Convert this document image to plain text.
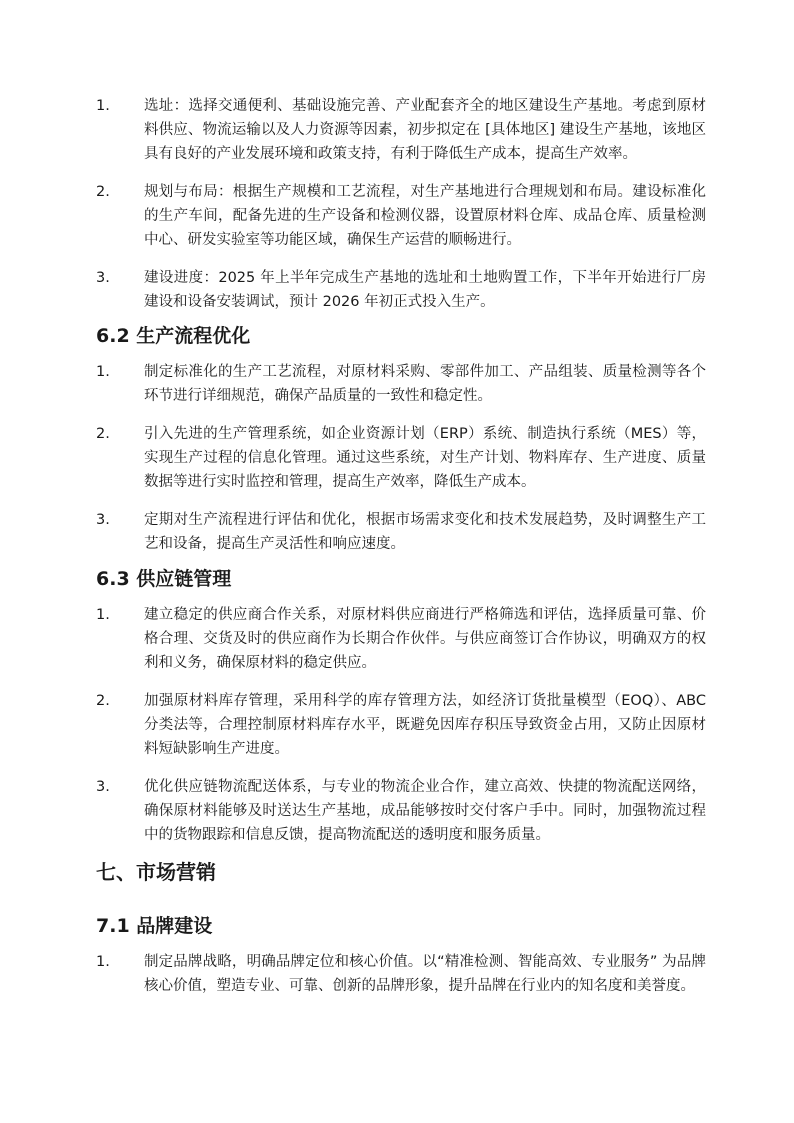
1. 选址：选择交通便利、基础设施完善、产业配套齐全的地区建设生产基地。考虑到原材料供应、物流运输以及人力资源等因素，初步拟定在 [具体地区] 建设生产基地，该地区具有良好的产业发展环境和政策支持，有利于降低生产成本，提高生产效率。
2. 规划与布局：根据生产规模和工艺流程，对生产基地进行合理规划和布局。建设标准化的生产车间，配备先进的生产设备和检测仪器，设置原材料仓库、成品仓库、质量检测中心、研发实验室等功能区域，确保生产运营的顺畅进行。
3. 建设进度：2025 年上半年完成生产基地的选址和土地购置工作，下半年开始进行厂房建设和设备安装调试，预计 2026 年初正式投入生产。
6.2 生产流程优化
1. 制定标准化的生产工艺流程，对原材料采购、零部件加工、产品组装、质量检测等各个环节进行详细规范，确保产品质量的一致性和稳定性。
2. 引入先进的生产管理系统，如企业资源计划（ERP）系统、制造执行系统（MES）等，实现生产过程的信息化管理。通过这些系统，对生产计划、物料库存、生产进度、质量数据等进行实时监控和管理，提高生产效率，降低生产成本。
3. 定期对生产流程进行评估和优化，根据市场需求变化和技术发展趋势，及时调整生产工艺和设备，提高生产灵活性和响应速度。
6.3 供应链管理
1. 建立稳定的供应商合作关系，对原材料供应商进行严格筛选和评估，选择质量可靠、价格合理、交货及时的供应商作为长期合作伙伴。与供应商签订合作协议，明确双方的权利和义务，确保原材料的稳定供应。
2. 加强原材料库存管理，采用科学的库存管理方法，如经济订货批量模型（EOQ）、ABC 分类法等，合理控制原材料库存水平，既避免因库存积压导致资金占用，又防止因原材料短缺影响生产进度。
3. 优化供应链物流配送体系，与专业的物流企业合作，建立高效、快捷的物流配送网络，确保原材料能够及时送达生产基地，成品能够按时交付客户手中。同时，加强物流过程中的货物跟踪和信息反馈，提高物流配送的透明度和服务质量。
七、市场营销
7.1 品牌建设
1. 制定品牌战略，明确品牌定位和核心价值。以“精准检测、智能高效、专业服务” 为品牌核心价值，塑造专业、可靠、创新的品牌形象，提升品牌在行业内的知名度和美誉度。
